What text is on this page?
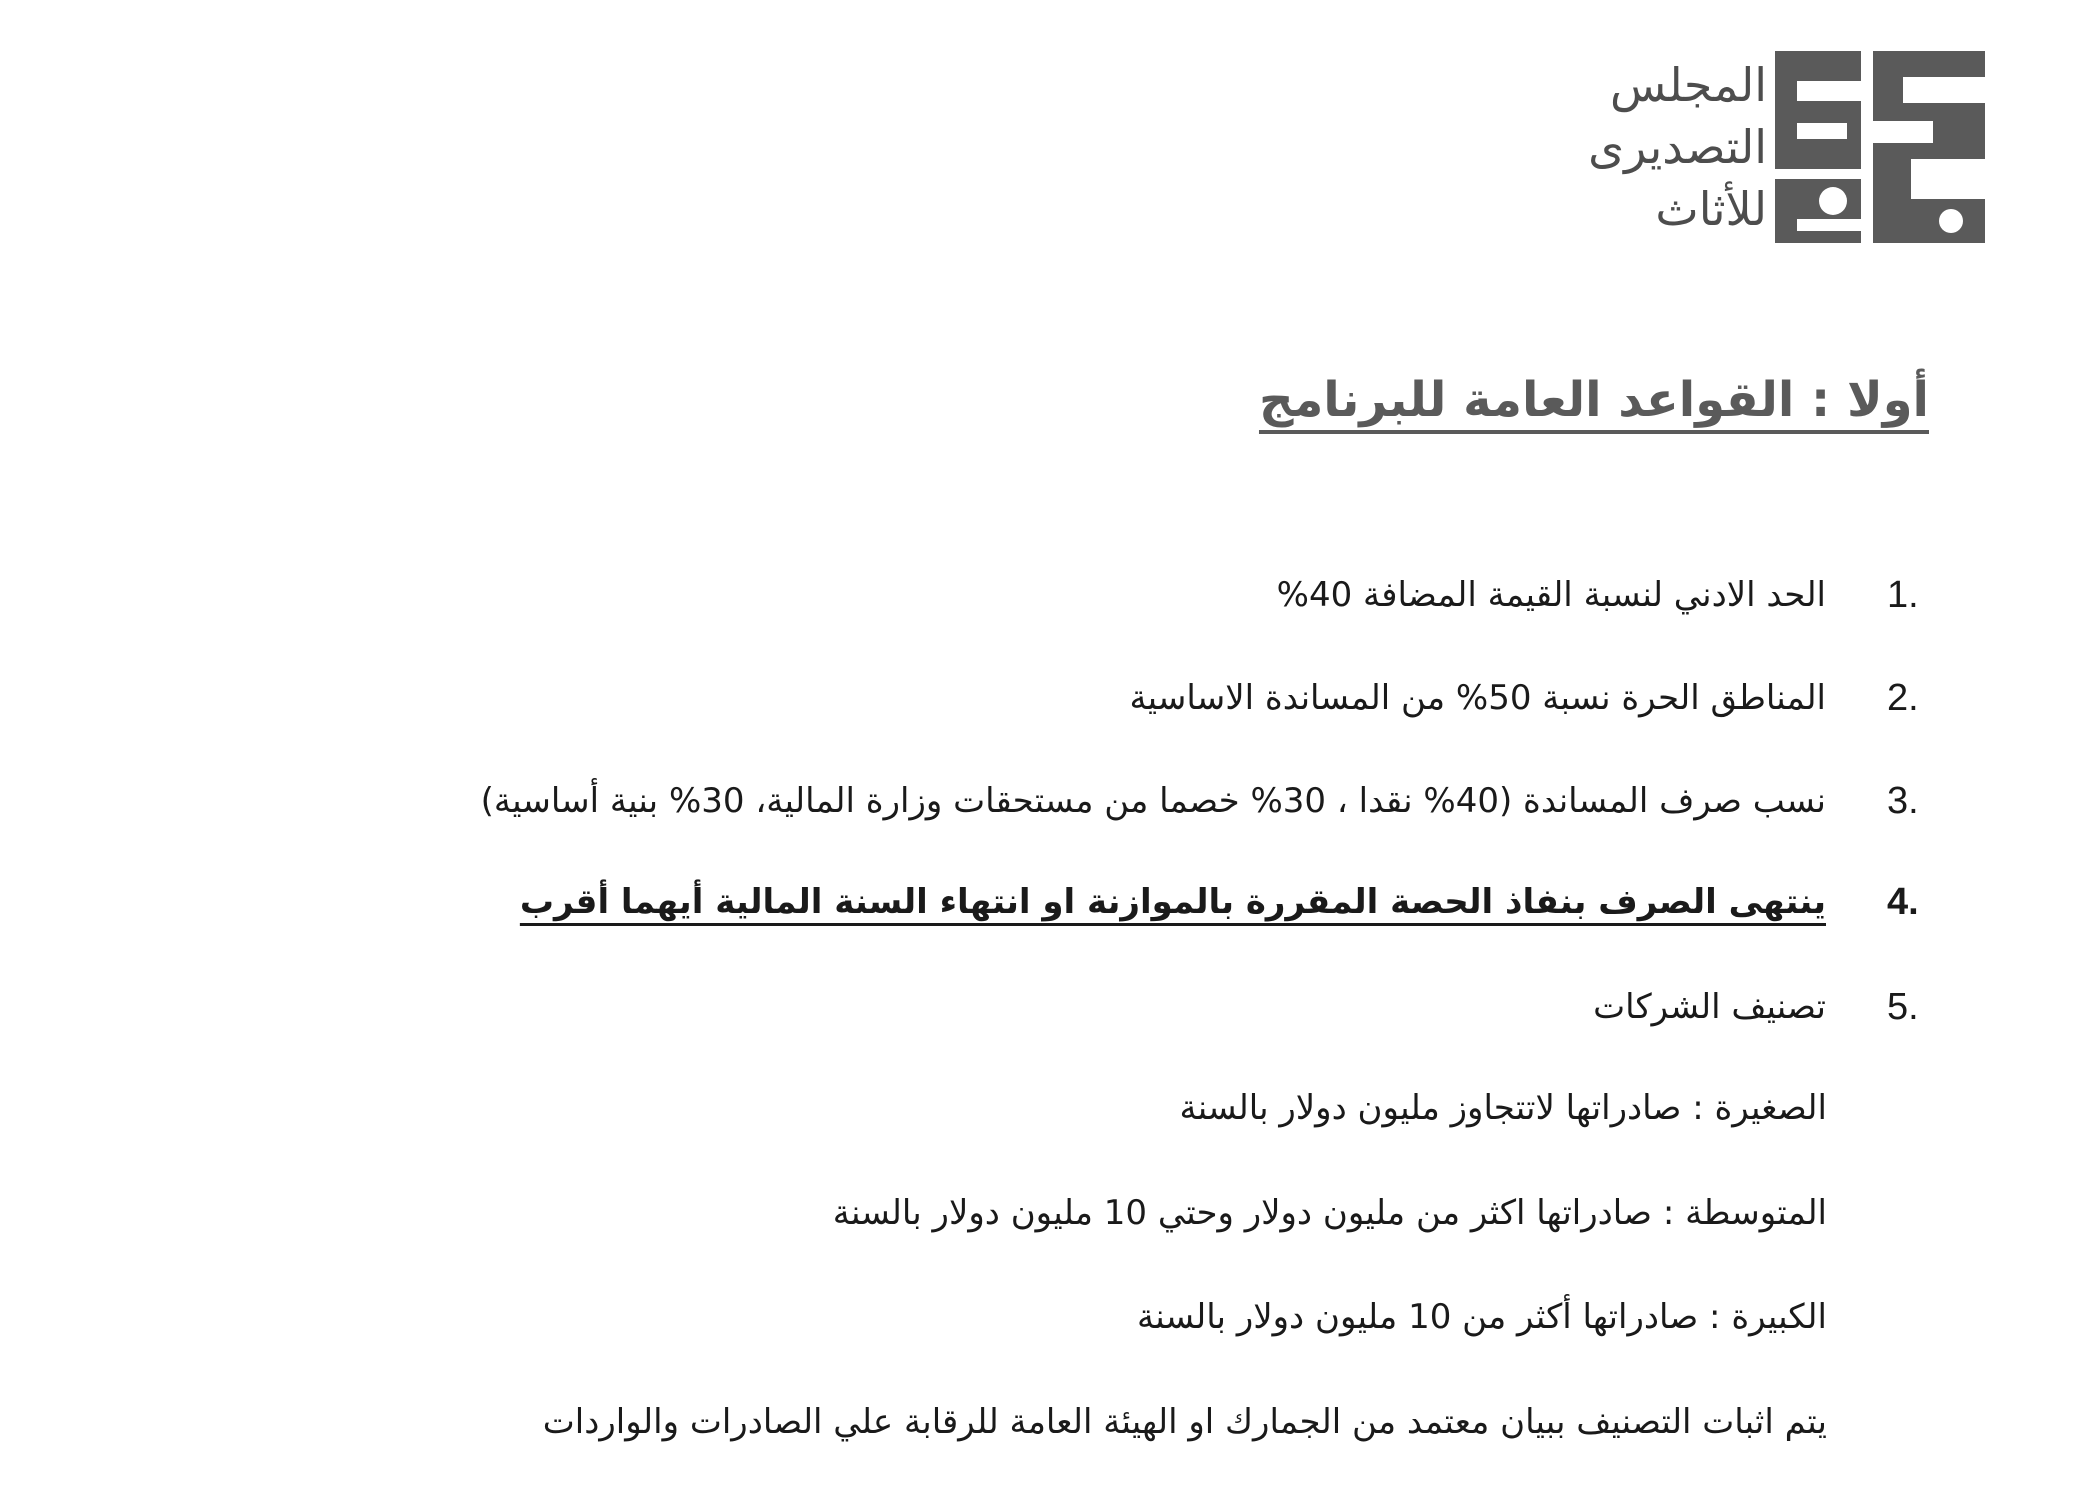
المجلس
التصديرى
للأثاث
أولا : القواعد العامة للبرنامج
1.
الحد الادني لنسبة القيمة المضافة 40%
2.
المناطق الحرة نسبة 50% من المساندة الاساسية
3.
نسب صرف المساندة (40% نقدا ، 30% خصما من مستحقات وزارة المالية، 30% بنية أساسية)
4.
ينتهى الصرف بنفاذ الحصة المقررة بالموازنة او انتهاء السنة المالية أيهما أقرب
5.
تصنيف الشركات
الصغيرة : صادراتها لاتتجاوز مليون دولار بالسنة
المتوسطة : صادراتها اكثر من مليون دولار وحتي 10 مليون دولار بالسنة
الكبيرة : صادراتها أكثر من 10 مليون دولار بالسنة
يتم اثبات التصنيف ببيان معتمد من الجمارك او الهيئة العامة للرقابة علي الصادرات والواردات
